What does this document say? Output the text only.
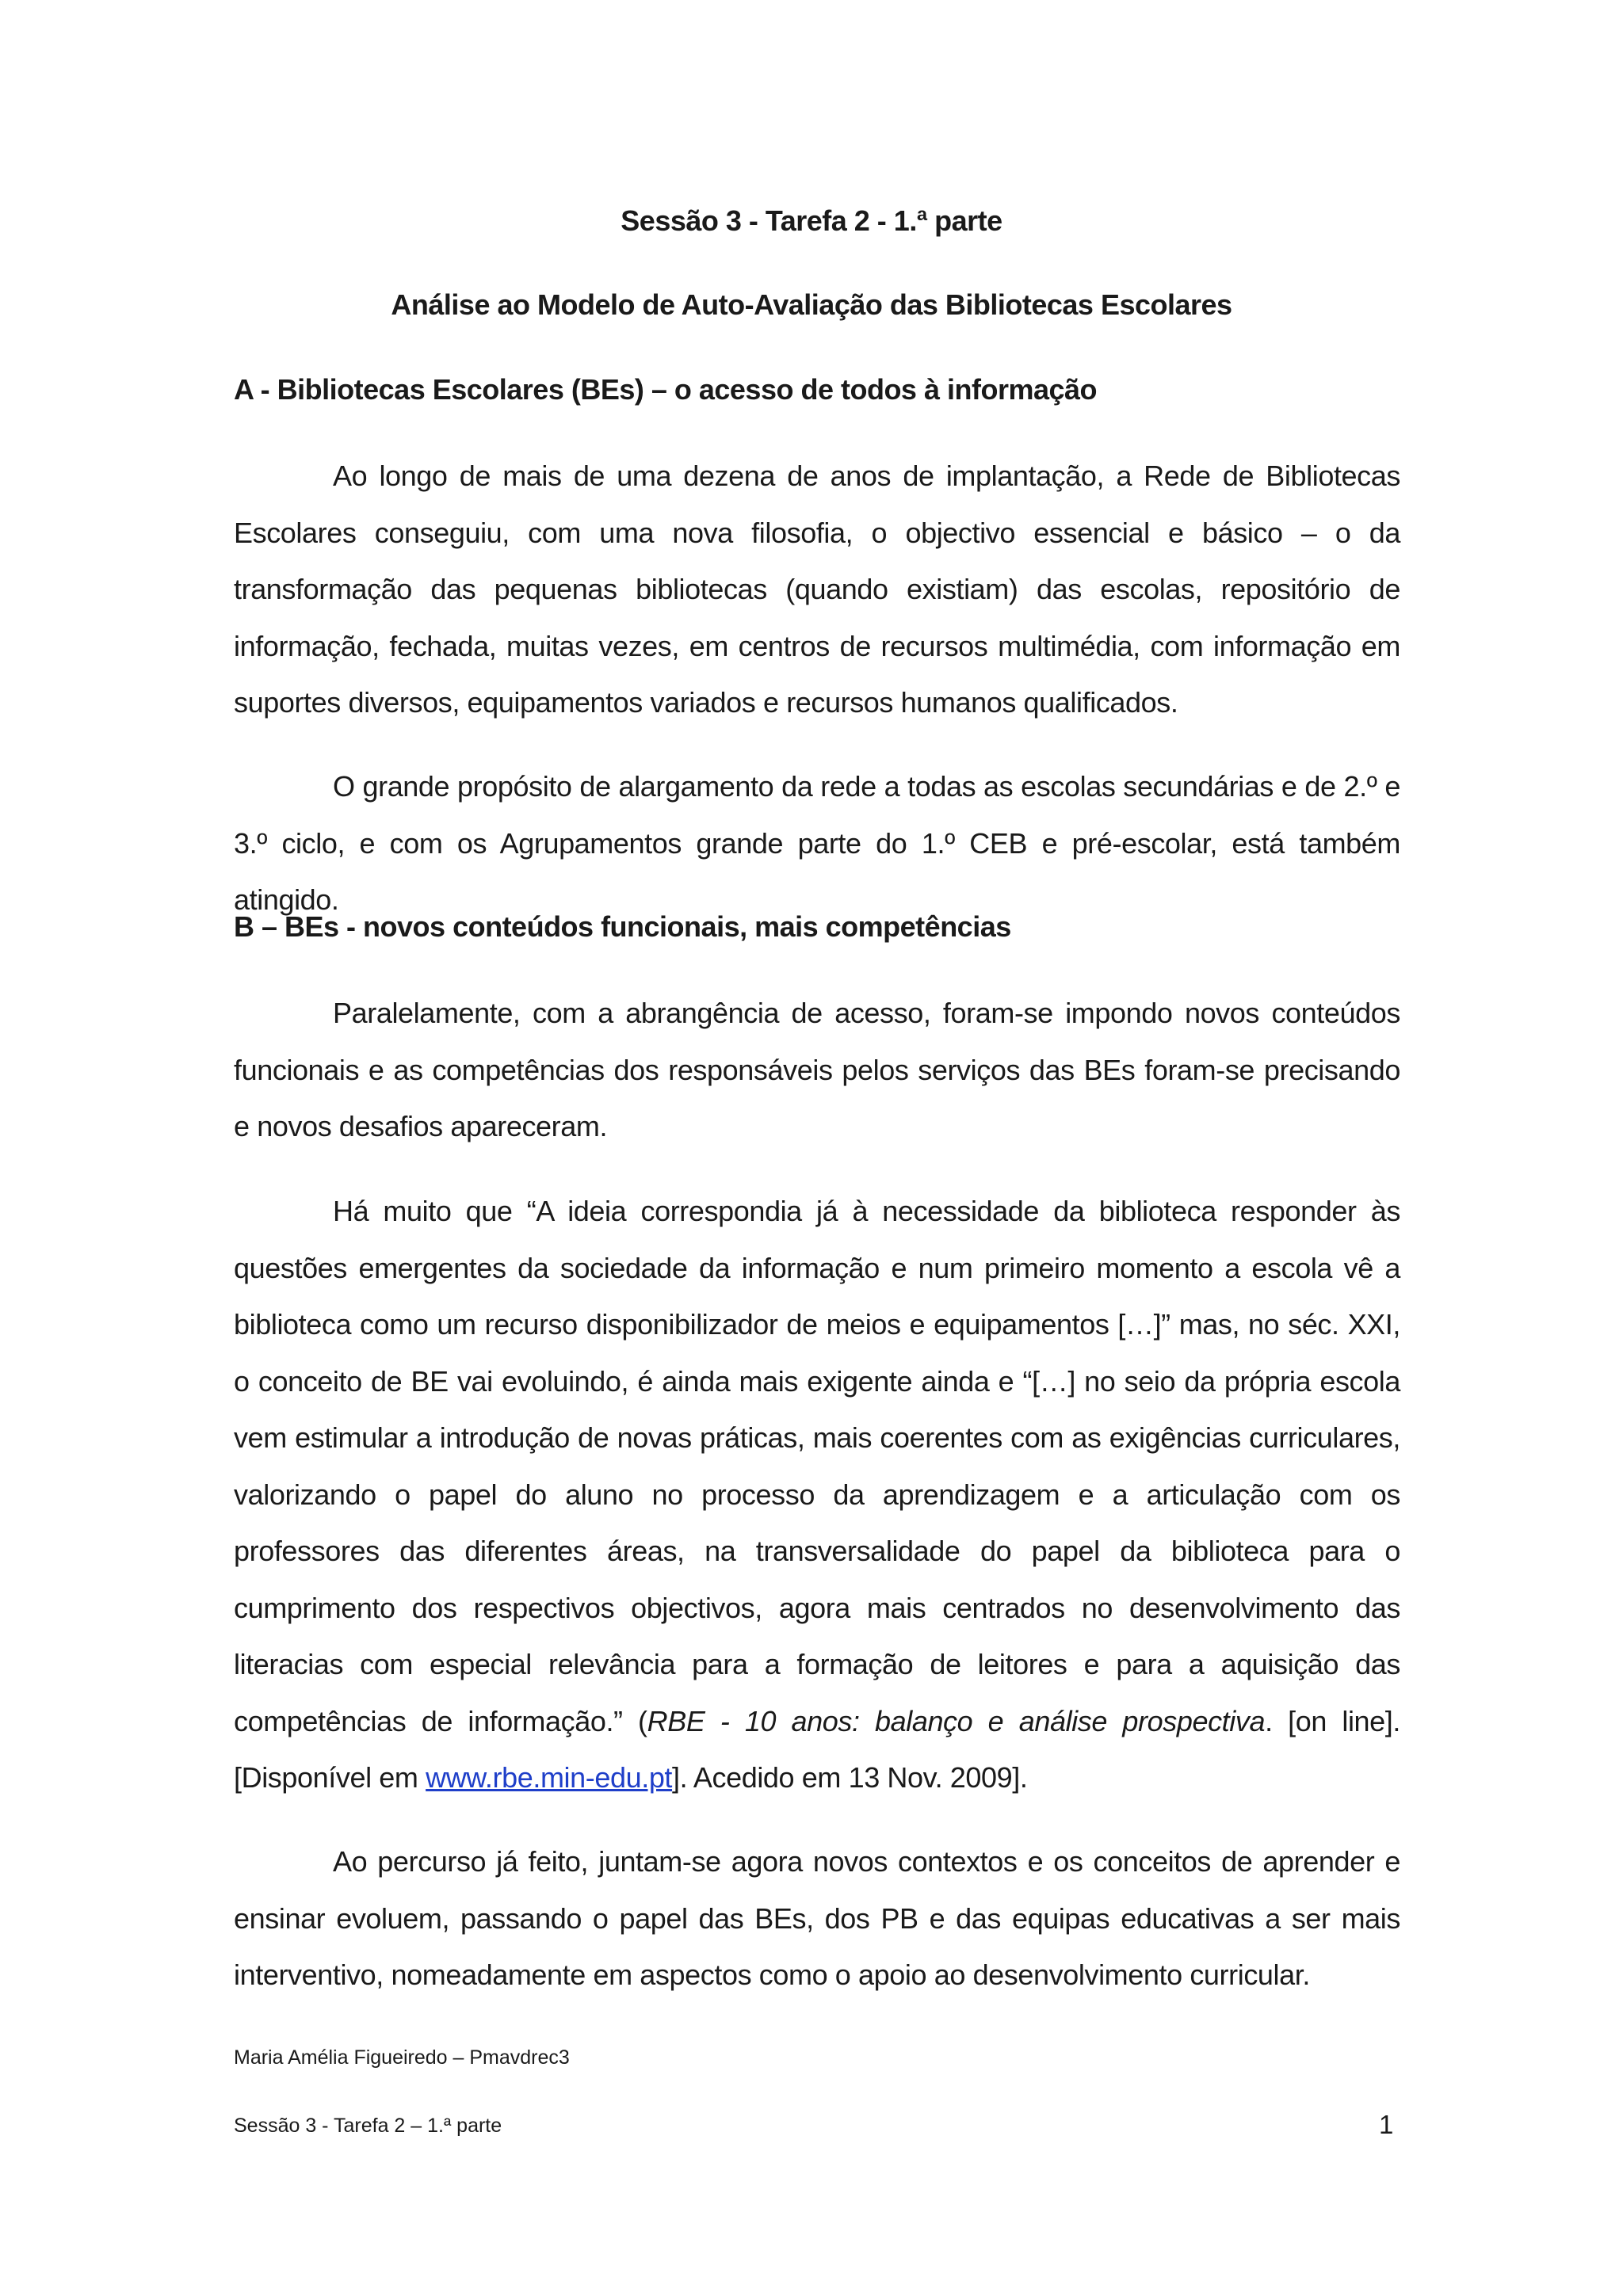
Sessão 3 - Tarefa 2 - 1.ª parte
Análise ao Modelo de Auto-Avaliação das Bibliotecas Escolares
A - Bibliotecas Escolares (BEs) – o acesso de todos à informação

Ao longo de mais de uma dezena de anos de implantação, a Rede de Bibliotecas Escolares conseguiu, com uma nova filosofia, o objectivo essencial e básico – o da transformação das pequenas bibliotecas (quando existiam) das escolas, repositório de informação, fechada, muitas vezes, em centros de recursos multimédia, com informação em suportes diversos, equipamentos variados e recursos humanos qualificados.

O grande propósito de alargamento da rede a todas as escolas secundárias e de 2.º e 3.º ciclo, e com os Agrupamentos grande parte do 1.º CEB e pré-escolar, está também atingido.

B – BEs - novos conteúdos funcionais, mais competências

Paralelamente, com a abrangência de acesso, foram-se impondo novos conteúdos funcionais e as competências dos responsáveis pelos serviços das BEs foram-se precisando e novos desafios apareceram.

Há muito que “A ideia correspondia já à necessidade da biblioteca responder às questões emergentes da sociedade da informação e num primeiro momento a escola vê a biblioteca como um recurso disponibilizador de meios e equipamentos […]” mas, no séc. XXI, o conceito de BE vai evoluindo, é ainda mais exigente ainda e “[…] no seio da própria escola vem estimular a introdução de novas práticas, mais coerentes com as exigências curriculares, valorizando o papel do aluno no processo da aprendizagem e a articulação com os professores das diferentes áreas, na transversalidade do papel da biblioteca para o cumprimento dos respectivos objectivos, agora mais centrados no desenvolvimento das literacias com especial relevância para a formação de leitores e para a aquisição das competências de informação.” (RBE - 10 anos: balanço e análise prospectiva. [on line]. [Disponível em www.rbe.min-edu.pt]. Acedido em 13 Nov. 2009].

Ao percurso já feito, juntam-se agora novos contextos e os conceitos de aprender e ensinar evoluem, passando o papel das BEs, dos PB e das equipas educativas a ser mais interventivo, nomeadamente em aspectos como o apoio ao desenvolvimento curricular.

Maria Amélia Figueiredo – Pmavdrec3
Sessão 3 - Tarefa 2 – 1.ª parte	1
